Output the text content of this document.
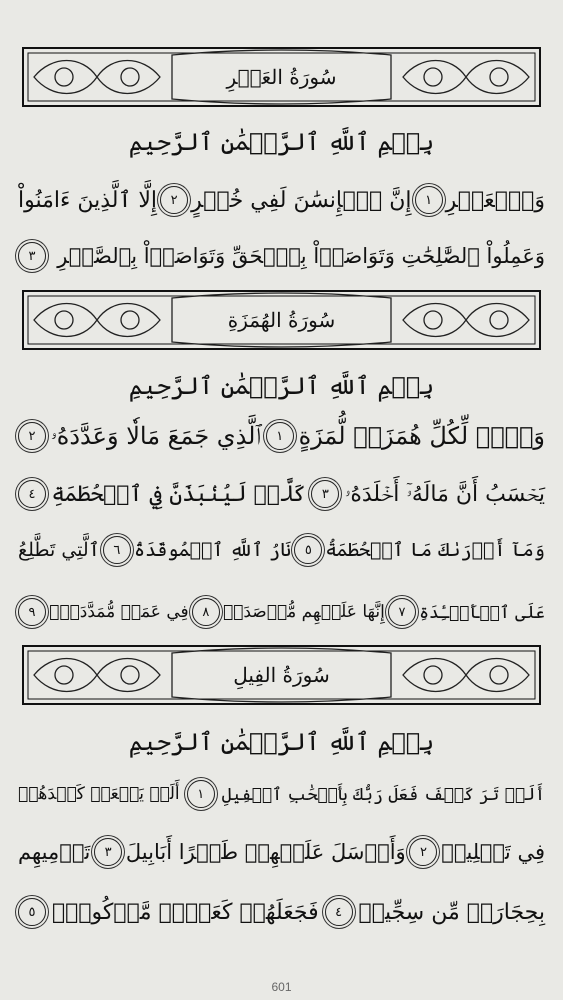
سُورَةُ العَصۡرِ
بِسۡمِ ٱللَّهِ ٱلرَّحۡمَٰنِ ٱلرَّحِيمِ
وَٱلۡعَصۡرِ
١
إِنَّ ٱلۡإِنسَٰنَ لَفِي خُسۡرٍ
٢
إِلَّا ٱلَّذِينَ ءَامَنُواْ
وَعَمِلُواْ ٱلصَّٰلِحَٰتِ وَتَوَاصَوۡاْ بِٱلۡحَقِّ وَتَوَاصَوۡاْ بِٱلصَّبۡرِ
٣
سُورَةُ الهُمَزَةِ
بِسۡمِ ٱللَّهِ ٱلرَّحۡمَٰنِ ٱلرَّحِيمِ
وَيۡلٞ لِّكُلِّ هُمَزَةٖ لُّمَزَةٍ
١
ٱلَّذِي جَمَعَ مَالٗا وَعَدَّدَهُۥ
٢
يَحۡسَبُ أَنَّ مَالَهُۥٓ أَخۡلَدَهُۥ
٣
كَلَّاۖ لَيُنۢبَذَنَّ فِي ٱلۡحُطَمَةِ
٤
وَمَآ أَدۡرَىٰكَ مَا ٱلۡحُطَمَةُ
٥
نَارُ ٱللَّهِ ٱلۡمُوقَدَةُ
٦
ٱلَّتِي تَطَّلِعُ
عَلَى ٱلۡأَفۡـِٔدَةِ
٧
إِنَّهَا عَلَيۡهِم مُّؤۡصَدَةٞ
٨
فِي عَمَدٖ مُّمَدَّدَةِۭ
٩
سُورَةُ الفِيلِ
بِسۡمِ ٱللَّهِ ٱلرَّحۡمَٰنِ ٱلرَّحِيمِ
أَلَمۡ تَرَ كَيۡفَ فَعَلَ رَبُّكَ بِأَصۡحَٰبِ ٱلۡفِيلِ
١
أَلَمۡ يَجۡعَلۡ كَيۡدَهُمۡ
فِي تَضۡلِيلٖ
٢
وَأَرۡسَلَ عَلَيۡهِمۡ طَيۡرًا أَبَابِيلَ
٣
تَرۡمِيهِم
بِحِجَارَةٖ مِّن سِجِّيلٖ
٤
فَجَعَلَهُمۡ كَعَصۡفٖ مَّأۡكُولِۭ
٥
601
